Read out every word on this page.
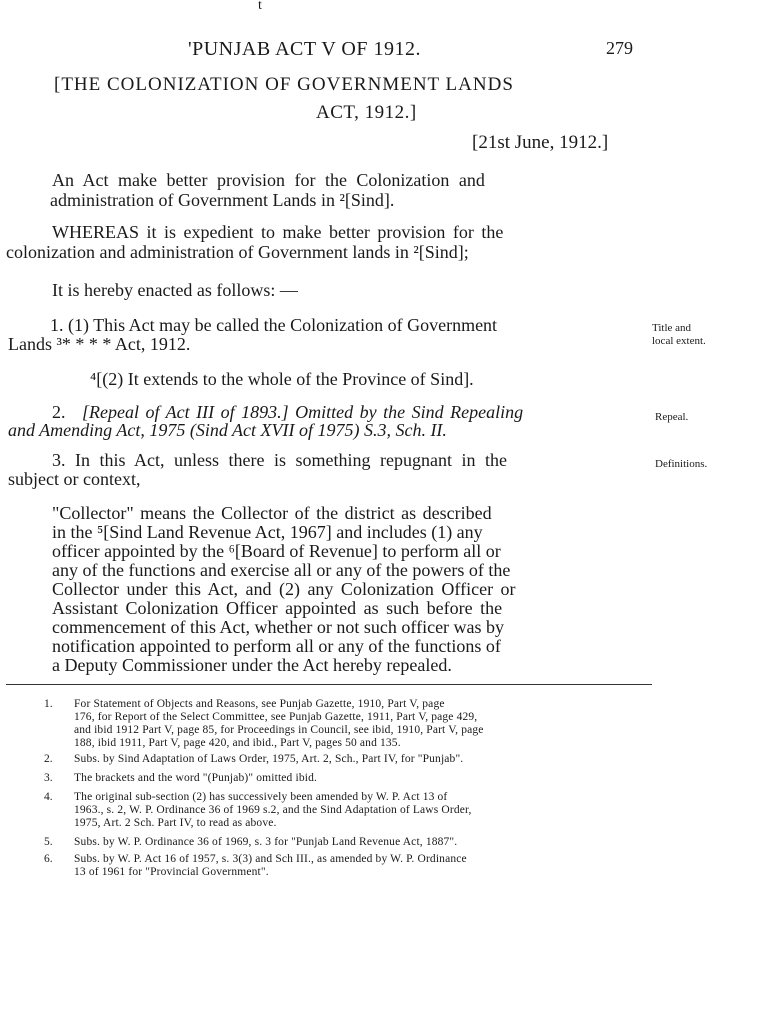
t
'PUNJAB ACT V OF 1912.	279
[THE COLONIZATION OF GOVERNMENT LANDS
ACT, 1912.]
[21st June, 1912.]
An Act make better provision for the Colonization and
administration of Government Lands in ²[Sind].
WHEREAS it is expedient to make better provision for the
colonization and administration of Government lands in ²[Sind];
It is hereby enacted as follows: —
1. (1) This Act may be called the Colonization of Government
Lands ³* * * * Act, 1912.
Title and
local extent.
⁴[(2) It extends to the whole of the Province of Sind].
2. [Repeal of Act III of 1893.] Omitted by the Sind Repealing
and Amending Act, 1975 (Sind Act XVII of 1975) S.3, Sch. II.
Repeal.
3. In this Act, unless there is something repugnant in the
subject or context,
Definitions.
"Collector" means the Collector of the district as described
in the ⁵[Sind Land Revenue Act, 1967] and includes (1) any
officer appointed by the ⁶[Board of Revenue] to perform all or
any of the functions and exercise all or any of the powers of the
Collector under this Act, and (2) any Colonization Officer or
Assistant Colonization Officer appointed as such before the
commencement of this Act, whether or not such officer was by
notification appointed to perform all or any of the functions of
a Deputy Commissioner under the Act hereby repealed.
1. For Statement of Objects and Reasons, see Punjab Gazette, 1910, Part V, page
176, for Report of the Select Committee, see Punjab Gazette, 1911, Part V, page 429,
and ibid 1912 Part V, page 85, for Proceedings in Council, see ibid, 1910, Part V, page
188, ibid 1911, Part V, page 420, and ibid., Part V, pages 50 and 135.
2. Subs. by Sind Adaptation of Laws Order, 1975, Art. 2, Sch., Part IV, for "Punjab".
3. The brackets and the word "(Punjab)" omitted ibid.
4. The original sub-section (2) has successively been amended by W. P. Act 13 of
1963., s. 2, W. P. Ordinance 36 of 1969 s.2, and the Sind Adaptation of Laws Order,
1975, Art. 2 Sch. Part IV, to read as above.
5. Subs. by W. P. Ordinance 36 of 1969, s. 3 for "Punjab Land Revenue Act, 1887".
6. Subs. by W. P. Act 16 of 1957, s. 3(3) and Sch III., as amended by W. P. Ordinance
13 of 1961 for "Provincial Government".
